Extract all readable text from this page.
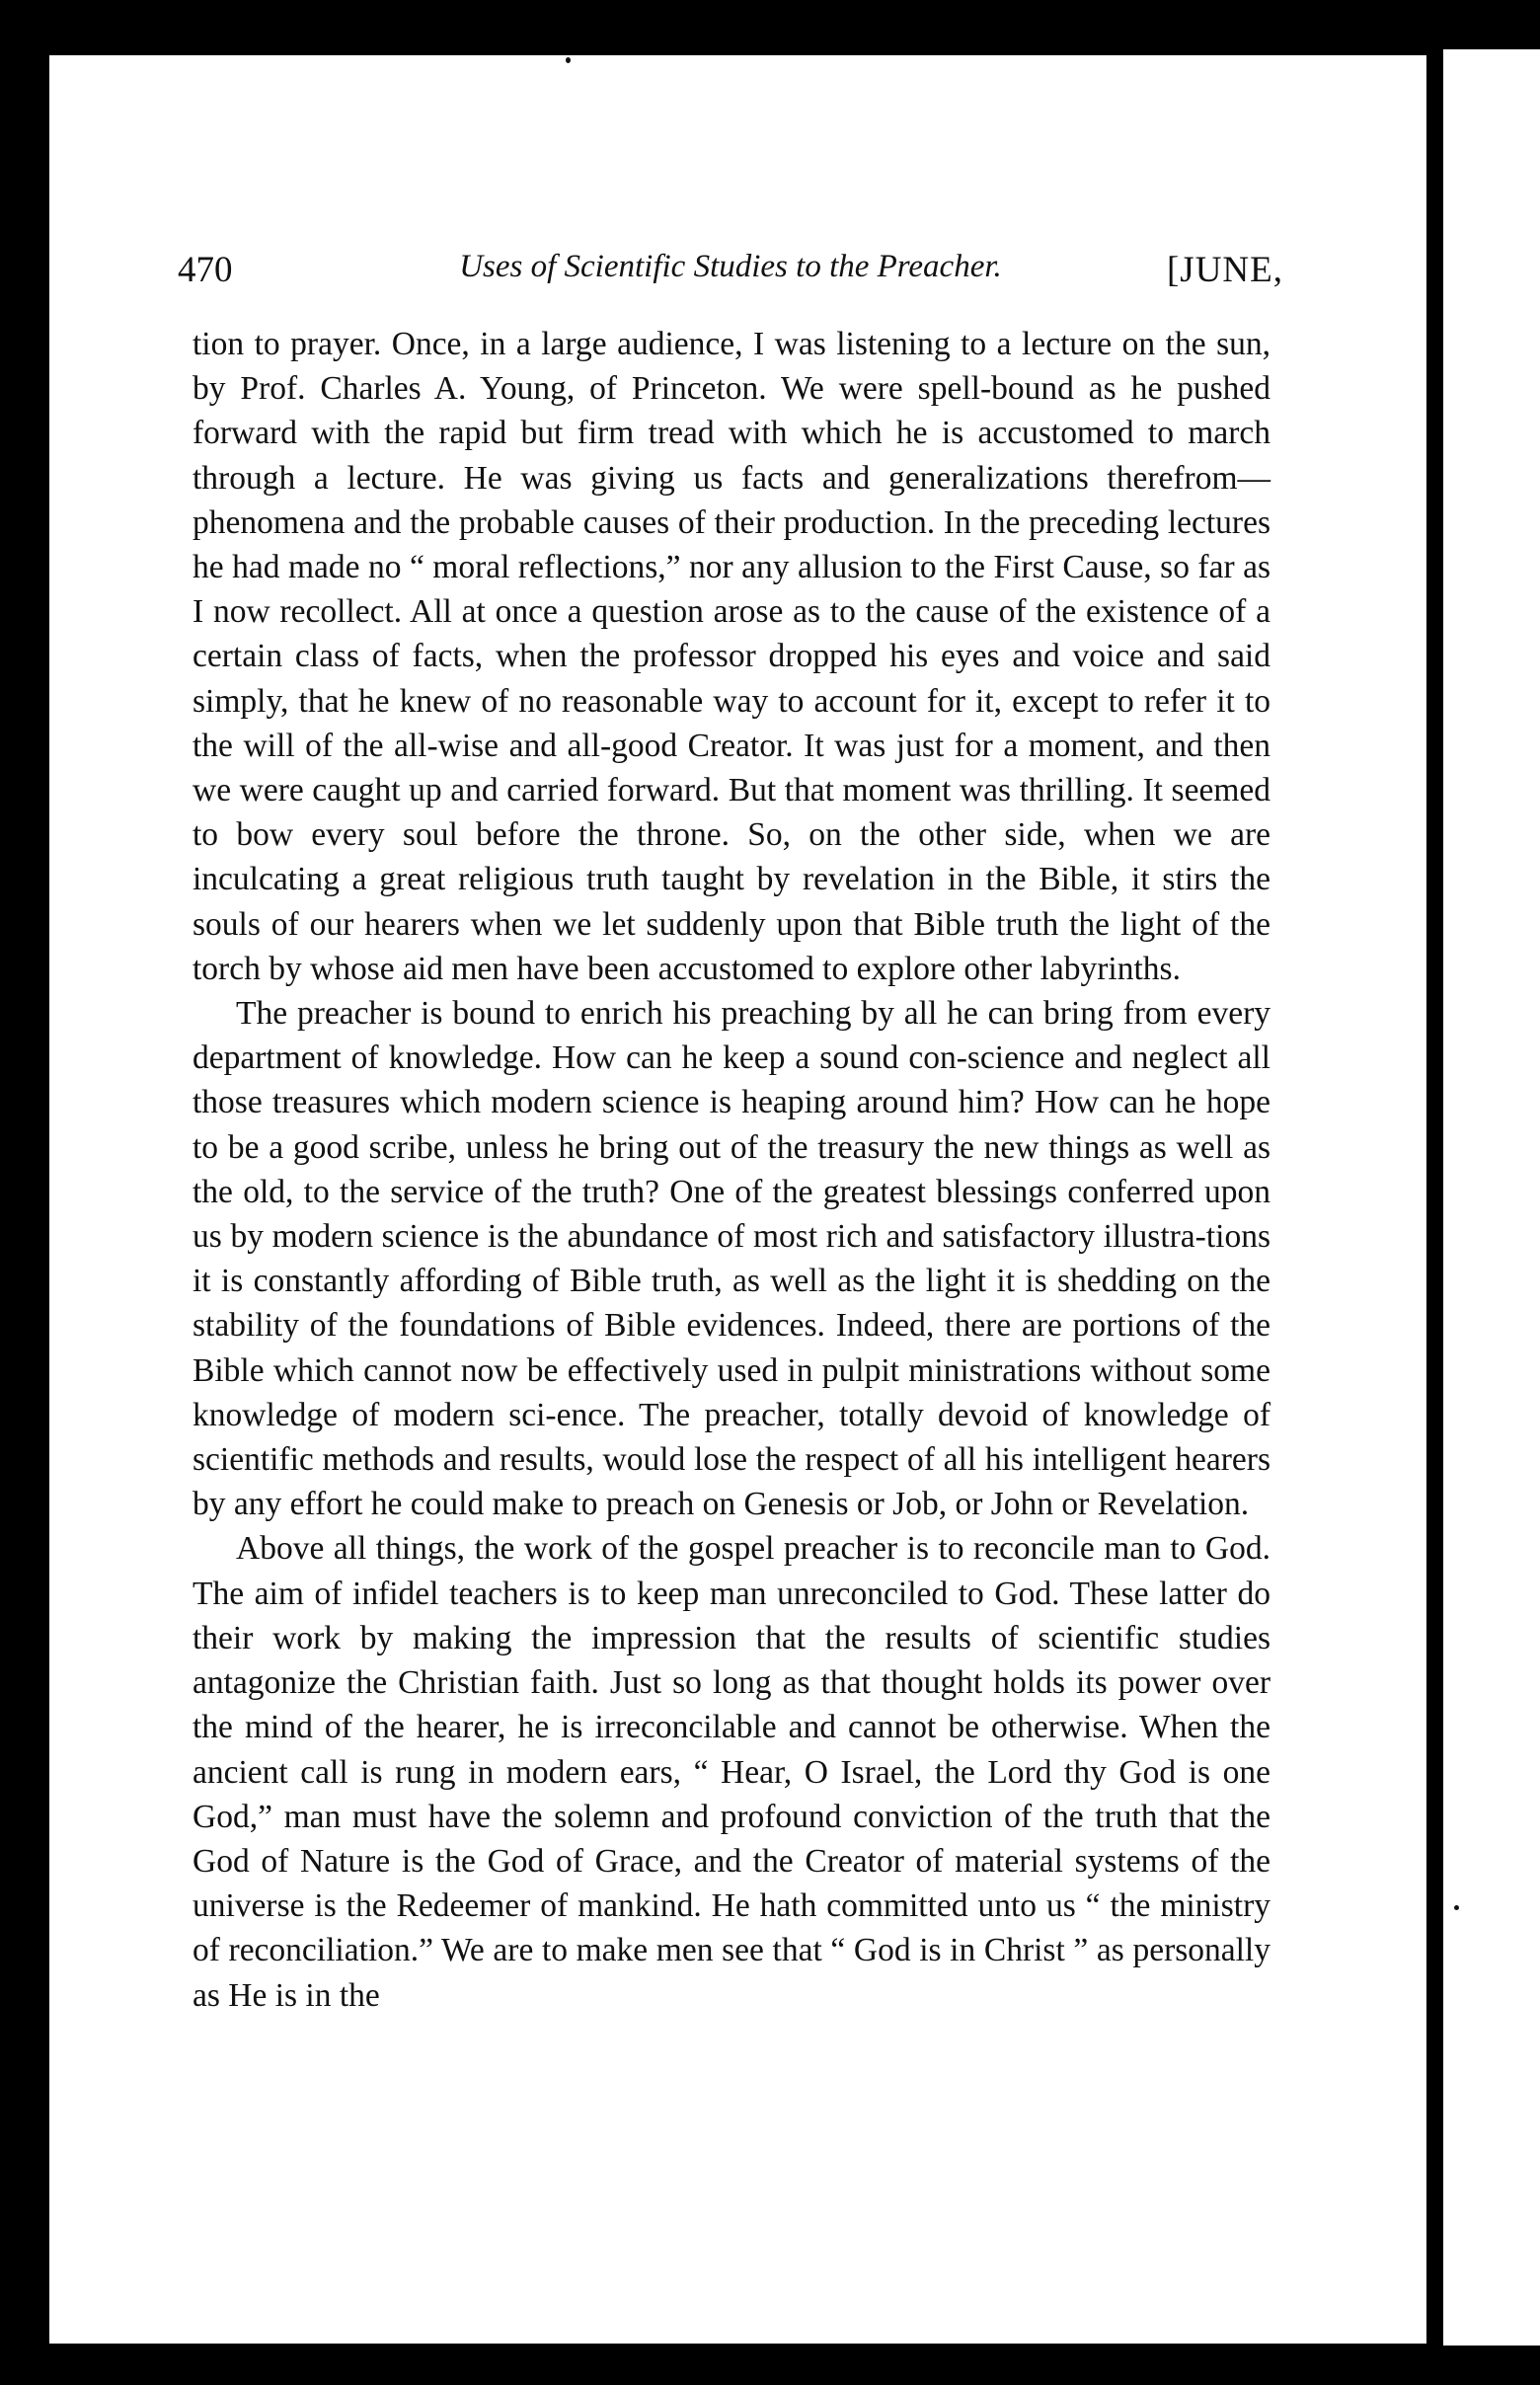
470	Uses of Scientific Studies to the Preacher.	[JUNE,

tion to prayer. Once, in a large audience, I was listening to a lecture on the sun, by Prof. Charles A. Young, of Princeton. We were spell-bound as he pushed forward with the rapid but firm tread with which he is accustomed to march through a lecture. He was giving us facts and generalizations therefrom—phenomena and the probable causes of their production. In the preceding lectures he had made no “ moral reflections,” nor any allusion to the First Cause, so far as I now recollect. All at once a question arose as to the cause of the existence of a certain class of facts, when the professor dropped his eyes and voice and said simply, that he knew of no reasonable way to account for it, except to refer it to the will of the all-wise and all-good Creator. It was just for a moment, and then we were caught up and carried forward. But that moment was thrilling. It seemed to bow every soul before the throne. So, on the other side, when we are inculcating a great religious truth taught by revelation in the Bible, it stirs the souls of our hearers when we let suddenly upon that Bible truth the light of the torch by whose aid men have been accustomed to explore other labyrinths.

The preacher is bound to enrich his preaching by all he can bring from every department of knowledge. How can he keep a sound con-science and neglect all those treasures which modern science is heaping around him? How can he hope to be a good scribe, unless he bring out of the treasury the new things as well as the old, to the service of the truth? One of the greatest blessings conferred upon us by modern science is the abundance of most rich and satisfactory illustra-tions it is constantly affording of Bible truth, as well as the light it is shedding on the stability of the foundations of Bible evidences. Indeed, there are portions of the Bible which cannot now be effectively used in pulpit ministrations without some knowledge of modern sci-ence. The preacher, totally devoid of knowledge of scientific methods and results, would lose the respect of all his intelligent hearers by any effort he could make to preach on Genesis or Job, or John or Revelation.

Above all things, the work of the gospel preacher is to reconcile man to God. The aim of infidel teachers is to keep man unreconciled to God. These latter do their work by making the impression that the results of scientific studies antagonize the Christian faith. Just so long as that thought holds its power over the mind of the hearer, he is irreconcilable and cannot be otherwise. When the ancient call is rung in modern ears, “ Hear, O Israel, the Lord thy God is one God,” man must have the solemn and profound conviction of the truth that the God of Nature is the God of Grace, and the Creator of material systems of the universe is the Redeemer of mankind. He hath committed unto us “ the ministry of reconciliation.” We are to make men see that “ God is in Christ ” as personally as He is in the
